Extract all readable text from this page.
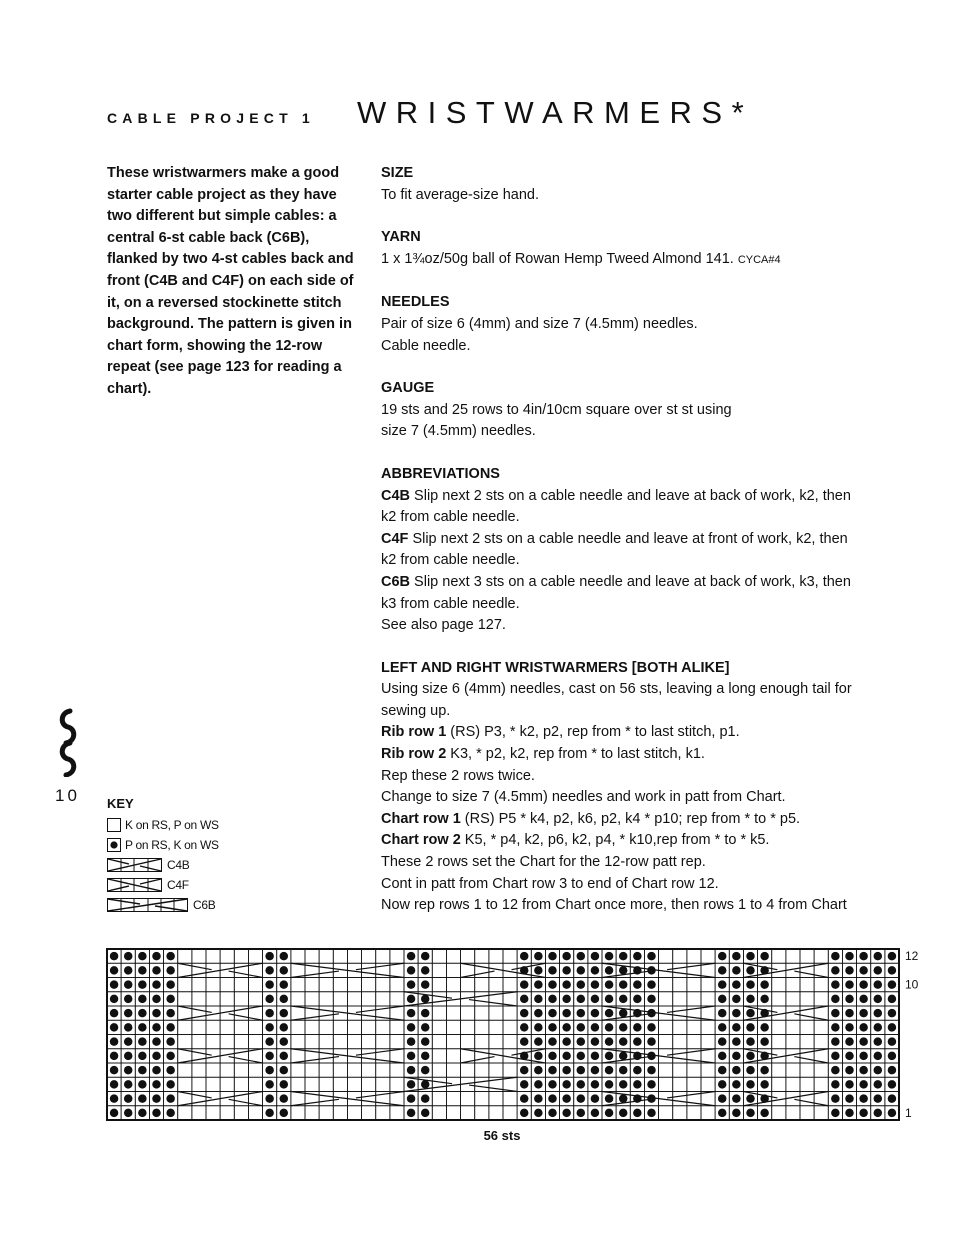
CABLE PROJECT 1 WRISTWARMERS*
These wristwarmers make a good starter cable project as they have two different but simple cables: a central 6-st cable back (C6B), flanked by two 4-st cables back and front (C4B and C4F) on each side of it, on a reversed stockinette stitch background. The pattern is given in chart form, showing the 12-row repeat (see page 123 for reading a chart).
SIZE
To fit average-size hand.
YARN
1 x 1¾oz/50g ball of Rowan Hemp Tweed Almond 141. CYCA#4
NEEDLES
Pair of size 6 (4mm) and size 7 (4.5mm) needles.
Cable needle.
GAUGE
19 sts and 25 rows to 4in/10cm square over st st using
size 7 (4.5mm) needles.
ABBREVIATIONS
C4B Slip next 2 sts on a cable needle and leave at back of work, k2, then
k2 from cable needle.
C4F Slip next 2 sts on a cable needle and leave at front of work, k2, then
k2 from cable needle.
C6B Slip next 3 sts on a cable needle and leave at back of work, k3, then
k3 from cable needle.
See also page 127.
LEFT AND RIGHT WRISTWARMERS [BOTH ALIKE]
Using size 6 (4mm) needles, cast on 56 sts, leaving a long enough tail for
sewing up.
Rib row 1 (RS) P3, * k2, p2, rep from * to last stitch, p1.
Rib row 2 K3, * p2, k2, rep from * to last stitch, k1.
Rep these 2 rows twice.
Change to size 7 (4.5mm) needles and work in patt from Chart.
Chart row 1 (RS) P5 * k4, p2, k6, p2, k4 * p10; rep from * to * p5.
Chart row 2 K5, * p4, k2, p6, k2, p4, * k10,rep from * to * k5.
These 2 rows set the Chart for the 12-row patt rep.
Cont in patt from Chart row 3 to end of Chart row 12.
Now rep rows 1 to 12 from Chart once more, then rows 1 to 4 from Chart
10 KEY
K on RS, P on WS
P on RS, K on WS
C4B
C4F
C6B
12
10
1
56 sts
